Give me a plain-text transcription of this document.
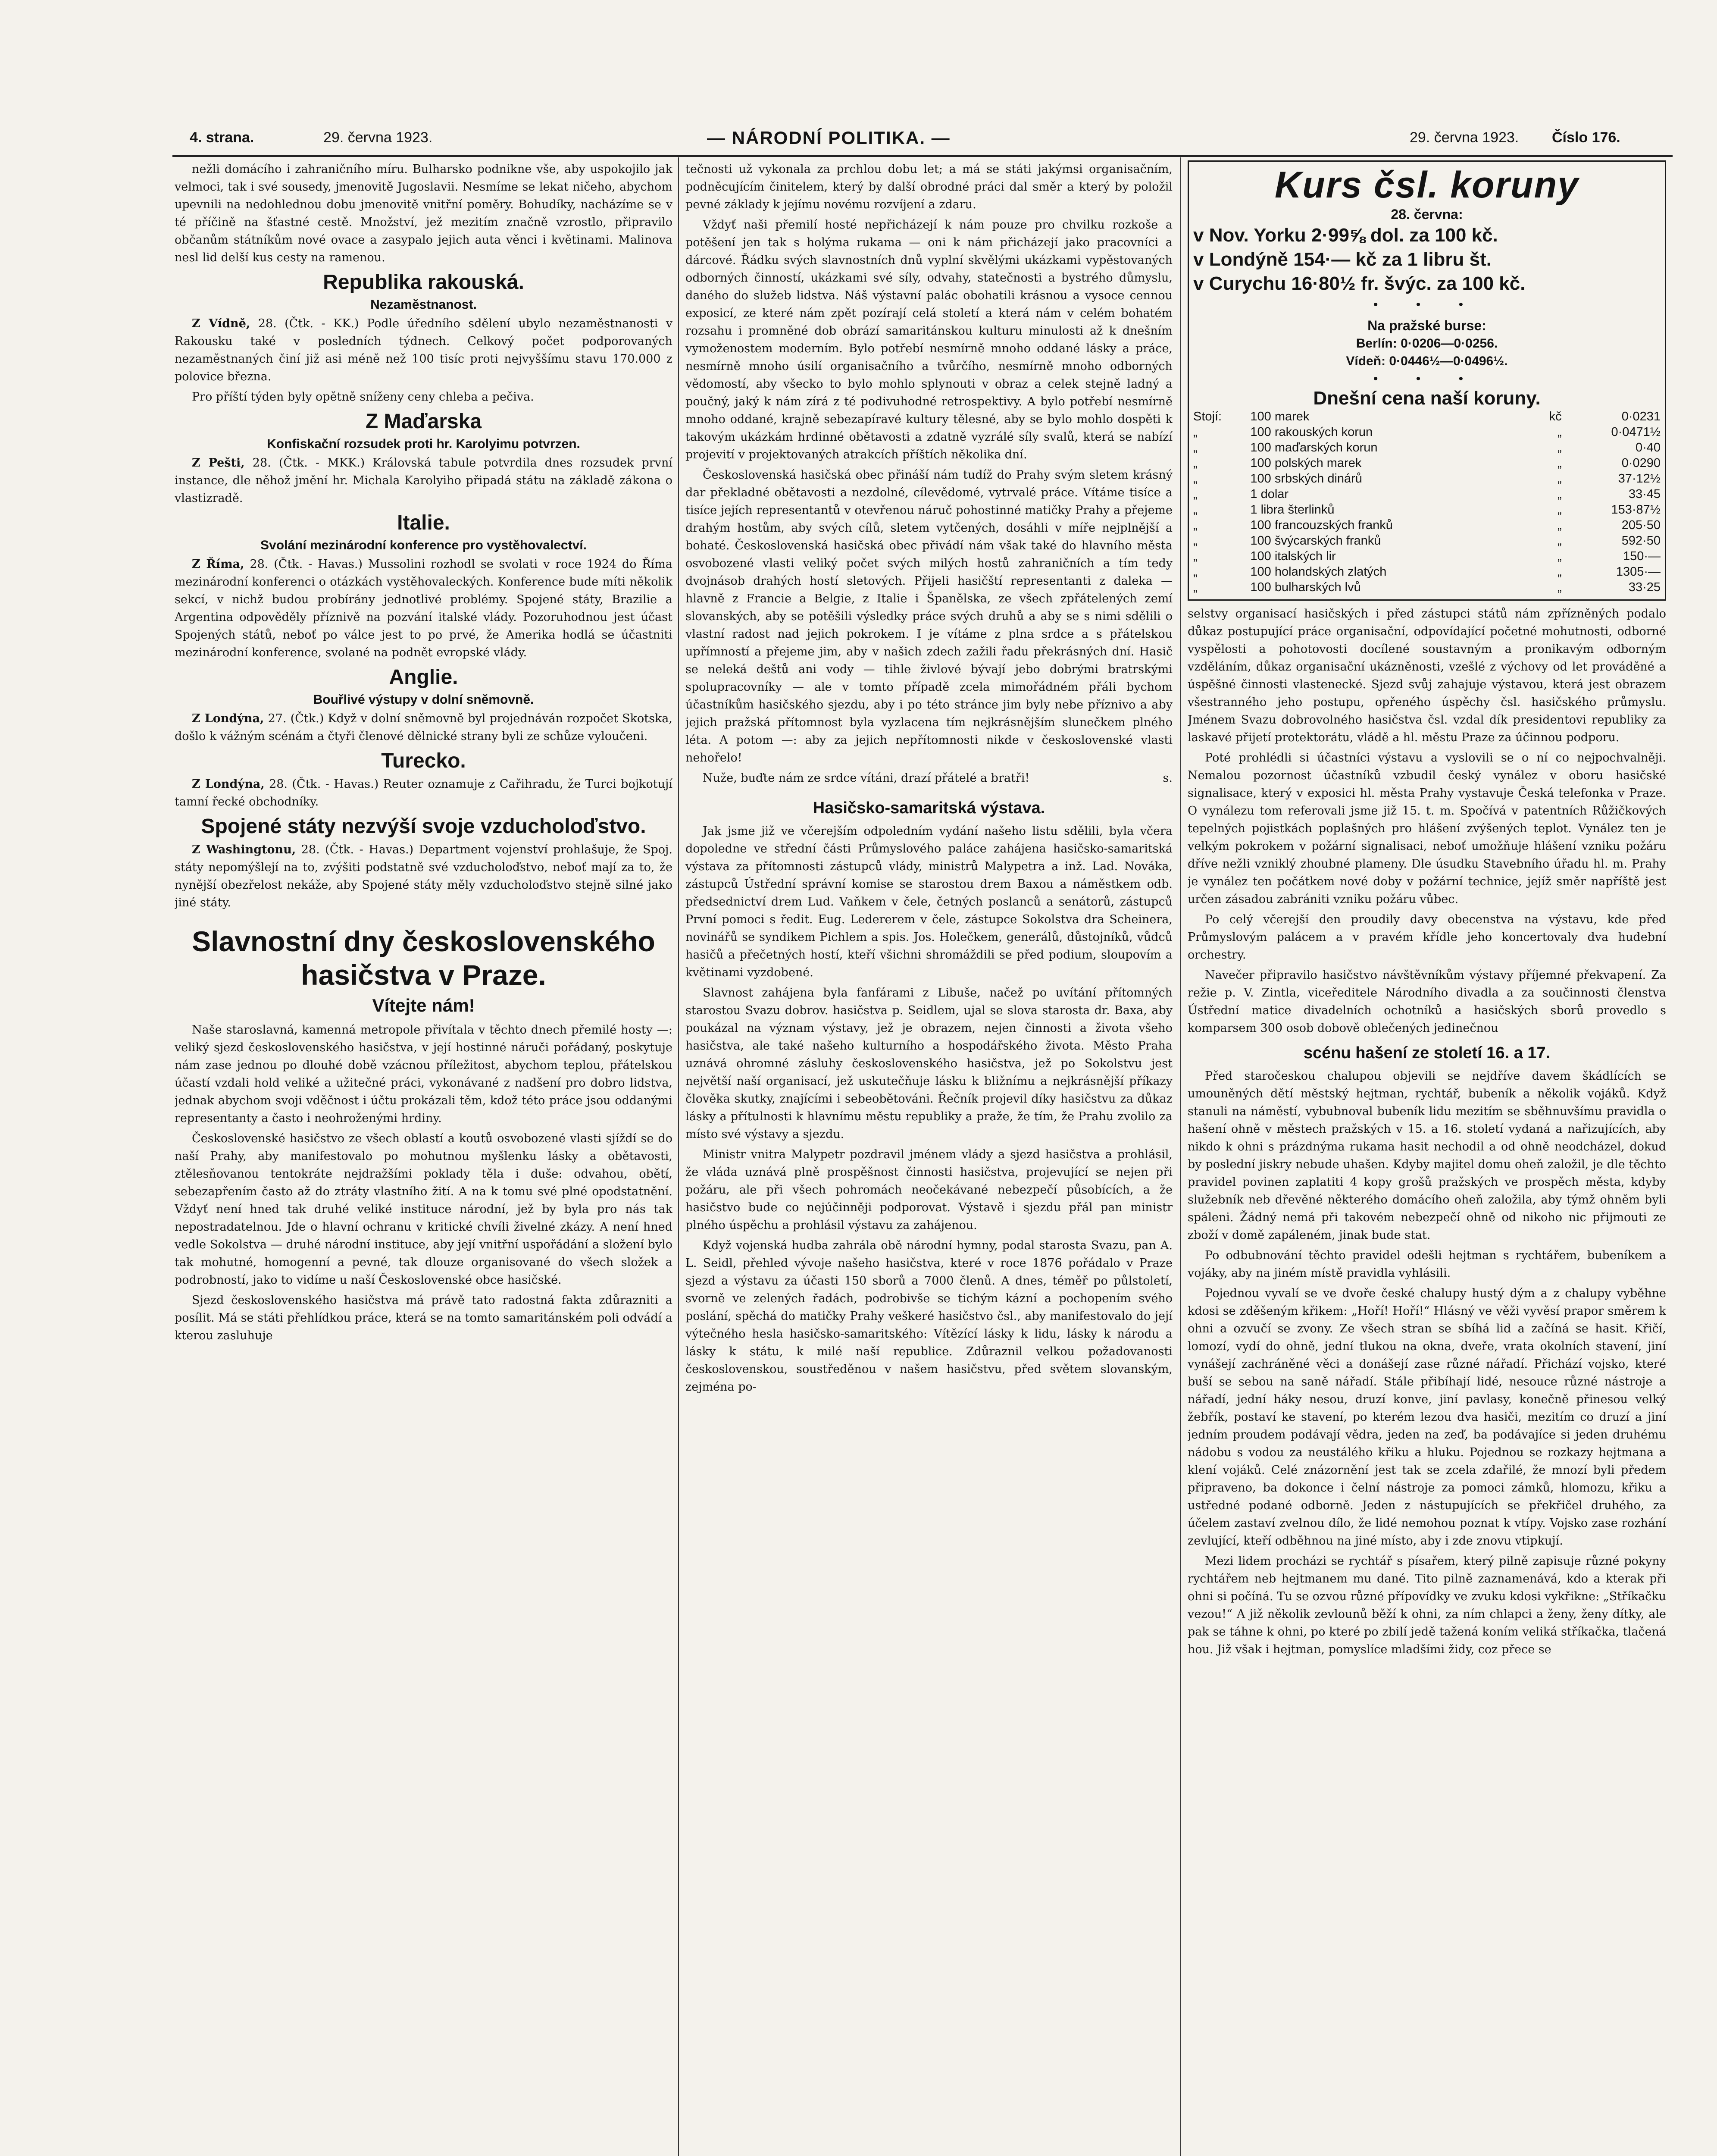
4. strana.	29. června 1923.	— NÁRODNÍ POLITIKA. —	29. června 1923. Číslo 176.

nežli domácího i zahraničního míru. Bulharsko podnikne vše, aby uspokojilo jak velmoci, tak i své sousedy, jmenovitě Jugoslavii. Nesmíme se lekat ničeho, abychom upevnili na nedohlednou dobu jmenovitě vnitřní poměry. Bohudíky, nacházíme se v té příčině na šťastné cestě. Množství, jež mezitím značně vzrostlo, připravilo občanům státníkům nové ovace a zasypalo jejich auta věnci i květinami. Malinova nesl lid delší kus cesty na ramenou.

Republika rakouská.
Nezaměstnanost.

Z Vídně, 28. (Čtk. - KK.) Podle úředního sdělení ubylo nezaměstnanosti v Rakousku také v posledních týdnech. Celkový počet podporovaných nezaměstnaných činí již asi méně než 100 tisíc proti nejvyššímu stavu 170.000 z polovice března.

Pro příští týden byly opětně sníženy ceny chleba a pečiva.

Z Maďarska
Konfiskační rozsudek proti hr. Karolyimu potvrzen.

Z Pešti, 28. (Čtk. - MKK.) Královská tabule potvrdila dnes rozsudek první instance, dle něhož jmění hr. Michala Karolyiho připadá státu na základě zákona o vlastizradě.

Italie.
Svolání mezinárodní konference pro vystěhovalectví.

Z Říma, 28. (Čtk. - Havas.) Mussolini rozhodl se svolati v roce 1924 do Říma mezinárodní konferenci o otázkách vystěhovaleckých. Konference bude míti několik sekcí, v nichž budou probírány jednotlivé problémy. Spojené státy, Brazilie a Argentina odpověděly příznivě na pozvání italské vlády. Pozoruhodnou jest účast Spojených států, neboť po válce jest to po prvé, že Amerika hodlá se účastniti mezinárodní konference, svolané na podnět evropské vlády.

Anglie.
Bouřlivé výstupy v dolní sněmovně.

Z Londýna, 27. (Čtk.) Když v dolní sněmovně byl projednáván rozpočet Skotska, došlo k vážným scénám a čtyři členové dělnické strany byli ze schůze vyloučeni.

Turecko.

Z Londýna, 28. (Čtk. - Havas.) Reuter oznamuje z Cařihradu, že Turci bojkotují tamní řecké obchodníky.

Spojené státy nezvýší svoje vzducholoďstvo.

Z Washingtonu, 28. (Čtk. - Havas.) Department vojenství prohlašuje, že Spoj. státy nepomýšlejí na to, zvýšiti podstatně své vzducholoďstvo, neboť mají za to, že nynější obezřelost nekáže, aby Spojené státy měly vzducholoďstvo stejně silné jako jiné státy.

Slavnostní dny československého hasičstva v Praze.
Vítejte nám!

Naše staroslavná, kamenná metropole přivítala v těchto dnech přemilé hosty —: veliký sjezd československého hasičstva, v její hostinné náruči pořádaný, poskytuje nám zase jednou po dlouhé době vzácnou příležitost, abychom teplou, přátelskou účastí vzdali hold veliké a užitečné práci, vykonávané z nadšení pro dobro lidstva, jednak abychom svoji vděčnost i účtu prokázali těm, kdož této práce jsou oddanými representanty a často i neohroženými hrdiny.

Československé hasičstvo ze všech oblastí a koutů osvobozené vlasti sjíždí se do naší Prahy, aby manifestovalo po mohutnou myšlenku lásky a obětavosti, ztělesňovanou tentokráte nejdražšími poklady těla i duše: odvahou, obětí, sebezapřením často až do ztráty vlastního žití. A na k tomu své plné opodstatnění. Vždyť není hned tak druhé veliké instituce národní, jež by byla pro nás tak nepostradatelnou. Jde o hlavní ochranu v kritické chvíli živelné zkázy. A není hned vedle Sokolstva — druhé národní instituce, aby její vnitřní uspořádání a složení bylo tak mohutné, homogenní a pevné, tak dlouze organisované do všech složek a podrobností, jako to vidíme u naší Československé obce hasičské.

Sjezd československého hasičstva má právě tato radostná fakta zdůrazniti a posílit. Má se státi přehlídkou práce, která se na tomto samaritánském poli odvádí a kterou zasluhuje

tečnosti už vykonala za prchlou dobu let; a má se státi jakýmsi organisačním, podněcujícím činitelem, který by další obrodné práci dal směr a který by položil pevné základy k jejímu novému rozvíjení a zdaru.

Vždyť naši přemilí hosté nepřicházejí k nám pouze pro chvilku rozkoše a potěšení jen tak s holýma rukama — oni k nám přicházejí jako pracovníci a dárcové. Řádku svých slavnostních dnů vyplní skvělými ukázkami vypěstovaných odborných činností, ukázkami své síly, odvahy, statečnosti a bystrého důmyslu, daného do služeb lidstva. Náš výstavní palác obohatili krásnou a vysoce cennou exposicí, ze které nám zpět pozírají celá století a která nám v celém bohatém rozsahu i promněné dob obrází samaritánskou kulturu minulosti až k dnešním vymoženostem moderním. Bylo potřebí nesmírně mnoho oddané lásky a práce, nesmírně mnoho úsilí organisačního a tvůrčího, nesmírně mnoho odborných vědomostí, aby všecko to bylo mohlo splynouti v obraz a celek stejně ladný a poučný, jaký k nám zírá z té podivuhodné retrospektivy. A bylo potřebí nesmírně mnoho oddané, krajně sebezapíravé kultury tělesné, aby se bylo mohlo dospěti k takovým ukázkám hrdinné obětavosti a zdatně vyzrálé síly svalů, která se nabízí projevití v projektovaných atrakcích příštích několika dní.

Československá hasičská obec přináší nám tudíž do Prahy svým sletem krásný dar překladné obětavosti a nezdolné, cílevědomé, vytrvalé práce. Vítáme tisíce a tisíce jejích representantů v otevřenou náruč pohostinné matičky Prahy a přejeme drahým hostům, aby svých cílů, sletem vytčených, dosáhli v míře nejplnější a bohaté. Československá hasičská obec přivádí nám však také do hlavního města osvobozené vlasti veliký počet svých milých hostů zahraničních a tím tedy dvojnásob drahých hostí sletových. Přijeli hasičští representanti z daleka — hlavně z Francie a Belgie, z Italie i Španělska, ze všech zpřátelených zemí slovanských, aby se potěšili výsledky práce svých druhů a aby se s nimi sdělili o vlastní radost nad jejich pokrokem. I je vítáme z plna srdce a s přátelskou upřímností a přejeme jim, aby v našich zdech zažili řadu překrásných dní. Hasič se neleká deštů ani vody — tihle živlové bývají jebo dobrými bratrskými spolupracovníky — ale v tomto případě zcela mimořádném přáli bychom účastníkům hasičského sjezdu, aby i po této stránce jim byly nebe příznivo a aby jejich pražská přítomnost byla vyzlacena tím nejkrásnějším slunečkem plného léta. A potom —: aby za jejich nepřítomnosti nikde v československé vlasti nehořelo!

Nuže, buďte nám ze srdce vítáni, drazí přátelé a bratři!	s.

Hasičsko-samaritská výstava.

Jak jsme již ve včerejším odpoledním vydání našeho listu sdělili, byla včera dopoledne ve střední části Průmyslového paláce zahájena hasičsko-samaritská výstava za přítomnosti zástupců vlády, ministrů Malypetra a inž. Lad. Nováka, zástupců Ústřední správní komise se starostou drem Baxou a náměstkem odb. předsednictví drem Lud. Vaňkem v čele, četných poslanců a senátorů, zástupců První pomoci s ředit. Eug. Ledererem v čele, zástupce Sokolstva dra Scheinera, novinářů se syndikem Pichlem a spis. Jos. Holečkem, generálů, důstojníků, vůdců hasičů a přečetných hostí, kteří všichni shromáždili se před podium, sloupovím a květinami vyzdobené.

Slavnost zahájena byla fanfárami z Libuše, načež po uvítání přítomných starostou Svazu dobrov. hasičstva p. Seidlem, ujal se slova starosta dr. Baxa, aby poukázal na význam výstavy, jež je obrazem, nejen činnosti a života všeho hasičstva, ale také našeho kulturního a hospodářského života. Město Praha uznává ohromné zásluhy československého hasičstva, jež po Sokolstvu jest největší naší organisací, jež uskutečňuje lásku k bližnímu a nejkrásnější příkazy člověka skutky, znajícími i sebeobětováni. Řečník projevil díky hasičstvu za důkaz lásky a přítulnosti k hlavnímu městu republiky a praže, že tím, že Prahu zvolilo za místo své výstavy a sjezdu.

Ministr vnitra Malypetr pozdravil jménem vlády a sjezd hasičstva a prohlásil, že vláda uznává plně prospěšnost činnosti hasičstva, projevující se nejen při požáru, ale při všech pohromách neočekávané nebezpečí působících, a že hasičstvo bude co nejúčinněji podporovat. Výstavě i sjezdu přál pan ministr plného úspěchu a prohlásil výstavu za zahájenou.

Když vojenská hudba zahrála obě národní hymny, podal starosta Svazu, pan A. L. Seidl, přehled vývoje našeho hasičstva, které v roce 1876 pořádalo v Praze sjezd a výstavu za účasti 150 sborů a 7000 členů. A dnes, téměř po půlstoletí, svorně ve zelených řadách, podrobivše se tichým kázní a pochopením svého poslání, spěchá do matičky Prahy veškeré hasičstvo čsl., aby manifestovalo do její výtečného hesla hasičsko-samaritského: Vítězící lásky k lidu, lásky k národu a lásky k státu, k milé naší republice. Zdůraznil velkou požadovanosti československou, soustředěnou v našem hasičstvu, před světem slovanským, zejména po-

Kurs čsl. koruny
28. června:
v Nov. Yorku 2·99⅝ dol. za 100 kč.
v Londýně 154·— kč za 1 libru št.
v Curychu 16·80½ fr. švýc. za 100 kč.
• • •
Na pražské burse:
Berlín: 0·0206—0·0256.
Vídeň: 0·0446½—0·0496½.
• • •
Dnešní cena naší koruny.
Stojí:	100 marek	kč	0·0231
„	100 rakouských korun	„	0·0471½
„	100 maďarských korun	„	0·40
„	100 polských marek	„	0·0290
„	100 srbských dinárů	„	37·12½
„	1 dolar	„	33·45
„	1 libra šterlinků	„	153·87½
„	100 francouzských franků	„	205·50
„	100 švýcarských franků	„	592·50
„	100 italských lir	„	150·—
„	100 holandských zlatých	„	1305·—
„	100 bulharských lvů	„	33·25

selstvy organisací hasičských i před zástupci států nám zpřízněných podalo důkaz postupující práce organisační, odpovídající početné mohutnosti, odborné vyspělosti a pohotovosti docílené soustavným a pronikavým odborným vzděláním, důkaz organisační ukázněnosti, vzešlé z výchovy od let prováděné a úspěšné činnosti vlastenecké. Sjezd svůj zahajuje výstavou, která jest obrazem všestranného jeho postupu, opřeného úspěchy čsl. hasičského průmyslu. Jménem Svazu dobrovolného hasičstva čsl. vzdal dík presidentovi republiky za laskavé přijetí protektorátu, vládě a hl. městu Praze za účinnou podporu.

Poté prohlédli si účastníci výstavu a vyslovili se o ní co nejpochvalněji. Nemalou pozornost účastníků vzbudil český vynález v oboru hasičské signalisace, který v exposici hl. města Prahy vystavuje Česká telefonka v Praze. O vynálezu tom referovali jsme již 15. t. m. Spočívá v patentních Růžičkových tepelných pojistkách poplašných pro hlášení zvýšených teplot. Vynález ten je velkým pokrokem v požární signalisaci, neboť umožňuje hlášení vzniku požáru dříve nežli vzniklý zhoubné plameny. Dle úsudku Stavebního úřadu hl. m. Prahy je vynález ten počátkem nové doby v požární technice, jejíž směr napříště jest určen zásadou zabrániti vzniku požáru vůbec.

Po celý včerejší den proudily davy obecenstva na výstavu, kde před Průmyslovým palácem a v pravém křídle jeho koncertovaly dva hudební orchestry.

Navečer připravilo hasičstvo návštěvníkům výstavy příjemné překvapení. Za režie p. V. Zintla, viceředitele Národního divadla a za součinnosti členstva Ústřední matice divadelních ochotníků a hasičských sborů provedlo s komparsem 300 osob dobově oblečených jedinečnou

scénu hašení ze století 16. a 17.

Před staročeskou chalupou objevili se nejdříve davem škádlících se umouněných dětí městský hejtman, rychtář, bubeník a několik vojáků. Když stanuli na náměstí, vybubnoval bubeník lidu mezitím se sběhnuvšímu pravidla o hašení ohně v městech pražských v 15. a 16. století vydaná a nařizujících, aby nikdo k ohni s prázdnýma rukama hasit nechodil a od ohně neodcházel, dokud by poslední jiskry nebude uhašen. Kdyby majitel domu oheň založil, je dle těchto pravidel povinen zaplatiti 4 kopy grošů pražských ve prospěch města, kdyby služebník neb dřevěné některého domácího oheň založila, aby týmž ohněm byli spáleni. Žádný nemá při takovém nebezpečí ohně od nikoho nic přijmouti ze zboží v domě zapáleném, jinak bude stat.

Po odbubnování těchto pravidel odešli hejtman s rychtářem, bubeníkem a vojáky, aby na jiném místě pravidla vyhlásili.

Pojednou vyvalí se ve dvoře české chalupy hustý dým a z chalupy vyběhne kdosi se zděšeným křikem: „Hoří! Hoří!“ Hlásný ve věži vyvěsí prapor směrem k ohni a ozvučí se zvony. Ze všech stran se sbíhá lid a začíná se hasit. Křičí, lomozí, vydí do ohně, jední tlukou na okna, dveře, vrata okolních stavení, jiní vynášejí zachráněné věci a donášejí zase různé nářadí. Přichází vojsko, které buší se sebou na saně nářadí. Stále přibíhají lidé, nesouce různé nástroje a nářadí, jední háky nesou, druzí konve, jiní pavlasy, konečně přinesou velký žebřík, postaví ke stavení, po kterém lezou dva hasiči, mezitím co druzí a jiní jedním proudem podávají vědra, jeden na zeď, ba podávajíce si jeden druhému nádobu s vodou za neustálého křiku a hluku. Pojednou se rozkazy hejtmana a klení vojáků. Celé znázornění jest tak se zcela zdařilé, že mnozí byli předem připraveno, ba dokonce i čelní nástroje za pomoci zámků, hlomozu, křiku a ustředné podané odborně. Jeden z nástupujících se překřičel druhého, za účelem zastaví zvelnou dílo, že lidé nemohou poznat k vtípy. Vojsko zase rozhání zevlující, kteří odběhnou na jiné místo, aby i zde znovu vtipkují.

Mezi lidem procházi se rychtář s písařem, který pilně zapisuje různé pokyny rychtářem neb hejtmanem mu dané. Tito pilně zaznamenává, kdo a kterak při ohni si počíná. Tu se ozvou různé přípovídky ve zvuku kdosi vykřikne: „Stříkačku vezou!“ A již několik zevlounů běží k ohni, za ním chlapci a ženy, ženy dítky, ale pak se táhne k ohni, po které po zbilí jedě tažená koním veliká stříkačka, tlačená hou. Již však i hejtman, pomyslíce mladšími židy, coz přece se
